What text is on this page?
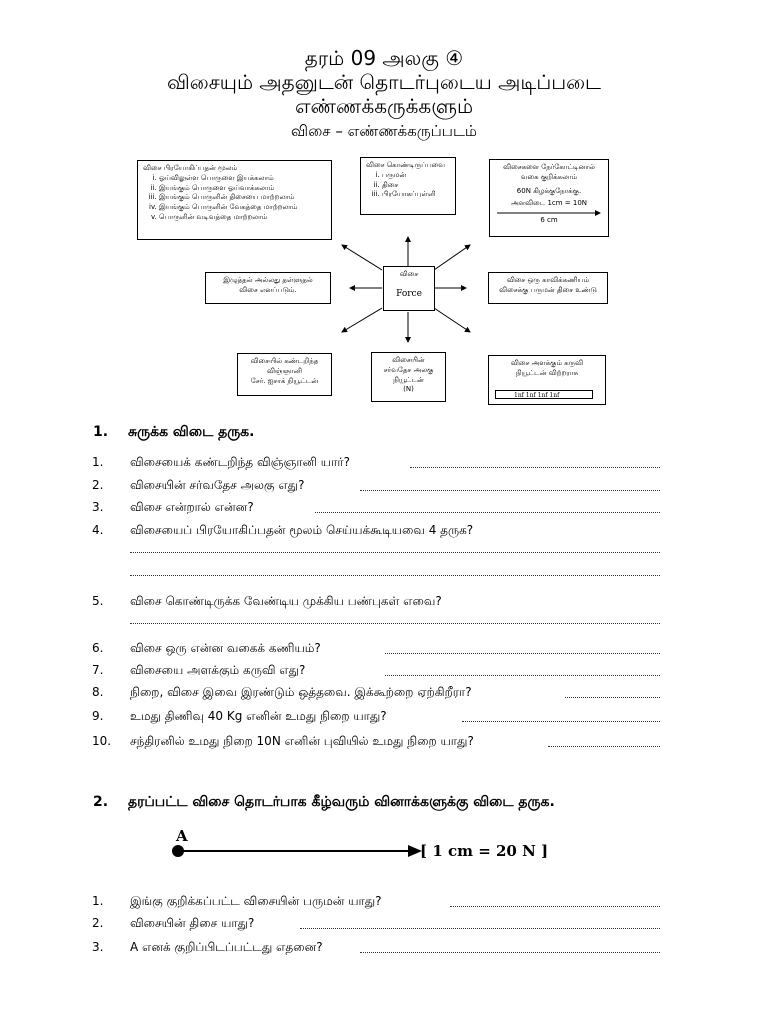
தரம் 09 அலகு ④
விசையும் அதனுடன் தொடர்புடைய அடிப்படை
எண்ணக்கருக்களும்
விசை – எண்ணக்கருப்படம்
விசை பிரயோகிப்பதன் மூலம்
i. ஓய்விலுள்ள பொருளை இயக்கலாம்
ii. இயங்கும் பொருளை ஓய்வாக்கலாம்
iii. இயங்கும் பொருளின் திசையை மாற்றலாம்
iv. இயங்கும் பொருளின் வேகத்தை மாற்றலாம்
v. பொருளின் வடிவத்தை மாற்றலாம்
விசை கொண்டிருப்பவை
i. பருமன்
ii. திசை
iii. பிரயோகப்புள்ளி
விசைகளை நேர்கோட்டினால்
வகை குறிக்கலாம்
60N கிழக்குநோக்கு.
அளவிடை 1cm = 10N
6 cm
இழுத்தல் அல்லது தள்ளுதல்
விசை எனப்படும்.
விசை
Force
விசை ஒரு காவிக்கணியம்
விசைக்கு பருமன் திசை உண்டு
விசையில் கண்டறிந்த
விஞ்ஞானி
சேர். ஐசாக் நியூட்டன்
விசையின்
சர்வதேச அலகு
நியூட்டன்
(N)
விசை அளக்கும் கருவி
நியூட்டன் விற்றராசு
1nf 1nf 1nf 1nf
1. சுருக்க விடை தருக.
1.	விசையைக் கண்டறிந்த விஞ்ஞானி யார்?
2.	விசையின் சர்வதேச அலகு எது?
3.	விசை என்றால் என்ன?
4.	விசையைப் பிரயோகிப்பதன் மூலம் செய்யக்கூடியவை 4 தருக?
5.	விசை கொண்டிருக்க வேண்டிய முக்கிய பண்புகள் எவை?
6.	விசை ஒரு என்ன வகைக் கணியம்?
7.	விசையை அளக்கும் கருவி எது?
8.	நிறை, விசை இவை இரண்டும் ஒத்தவை. இக்கூற்றை ஏற்கிறீரா?
9.	உமது திணிவு 40 Kg எனின் உமது நிறை யாது?
10.	சந்திரனில் உமது நிறை 10N எனின் புவியில் உமது நிறை யாது?
2. தரப்பட்ட விசை தொடர்பாக கீழ்வரும் வினாக்களுக்கு விடை தருக.
A
[ 1 cm = 20 N ]
1.	இங்கு குறிக்கப்பட்ட விசையின் பருமன் யாது?
2.	விசையின் திசை யாது?
3.	A எனக் குறிப்பிடப்பட்டது எதனை?
